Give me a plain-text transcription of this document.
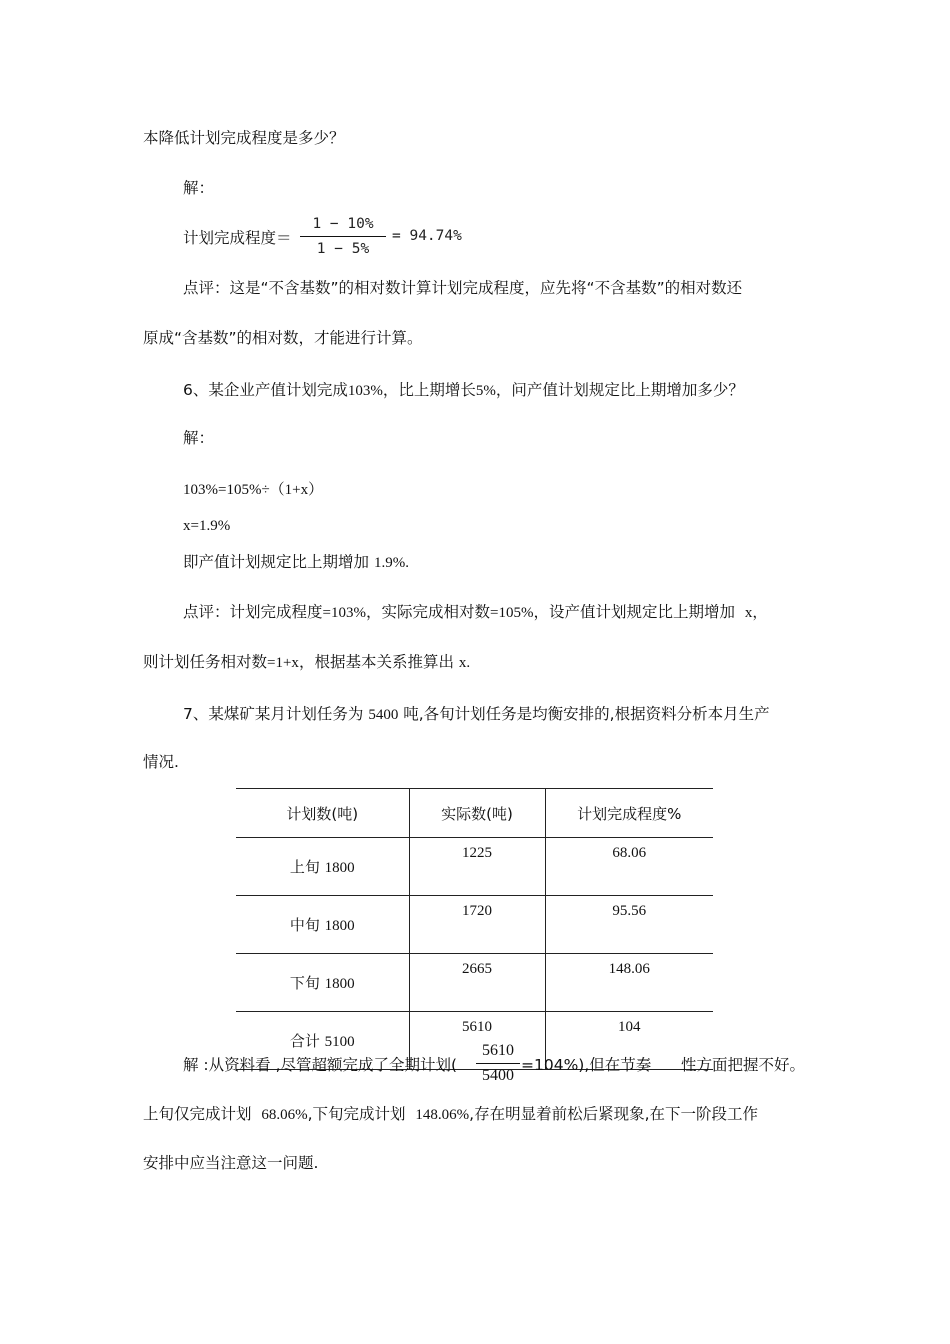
本降低计划完成程度是多少？
解：
计划完成程度＝
1 − 10%
1 − 5%
= 94.74%
点评：这是“不含基数”的相对数计算计划完成程度，应先将“不含基数”的相对数还
原成“含基数”的相对数，才能进行计算。
6、某企业产值计划完成103%，比上期增长5%，问产值计划规定比上期增加多少？
解：
103%=105%÷（1+x）
x=1.9%
即产值计划规定比上期增加 1.9%.
点评：计划完成程度=103%，实际完成相对数=105%，设产值计划规定比上期增加 x，
则计划任务相对数=1+x，根据基本关系推算出 x.
7、某煤矿某月计划任务为 5400 吨,各旬计划任务是均衡安排的,根据资料分析本月生产
情况.
计划数(吨)	实际数(吨)	计划完成程度%
上旬 1800	1225	68.06
中旬 1800	1720	95.56
下旬 1800	2665	148.06
合计 5100	5610	104
解 :从资料看 ,尽管超额完成了全期计划(
5610
5400
=104%),但在节奏 性方面把握不好。
上旬仅完成计划 68.06%,下旬完成计划 148.06%,存在明显着前松后紧现象,在下一阶段工作
安排中应当注意这一问题.
